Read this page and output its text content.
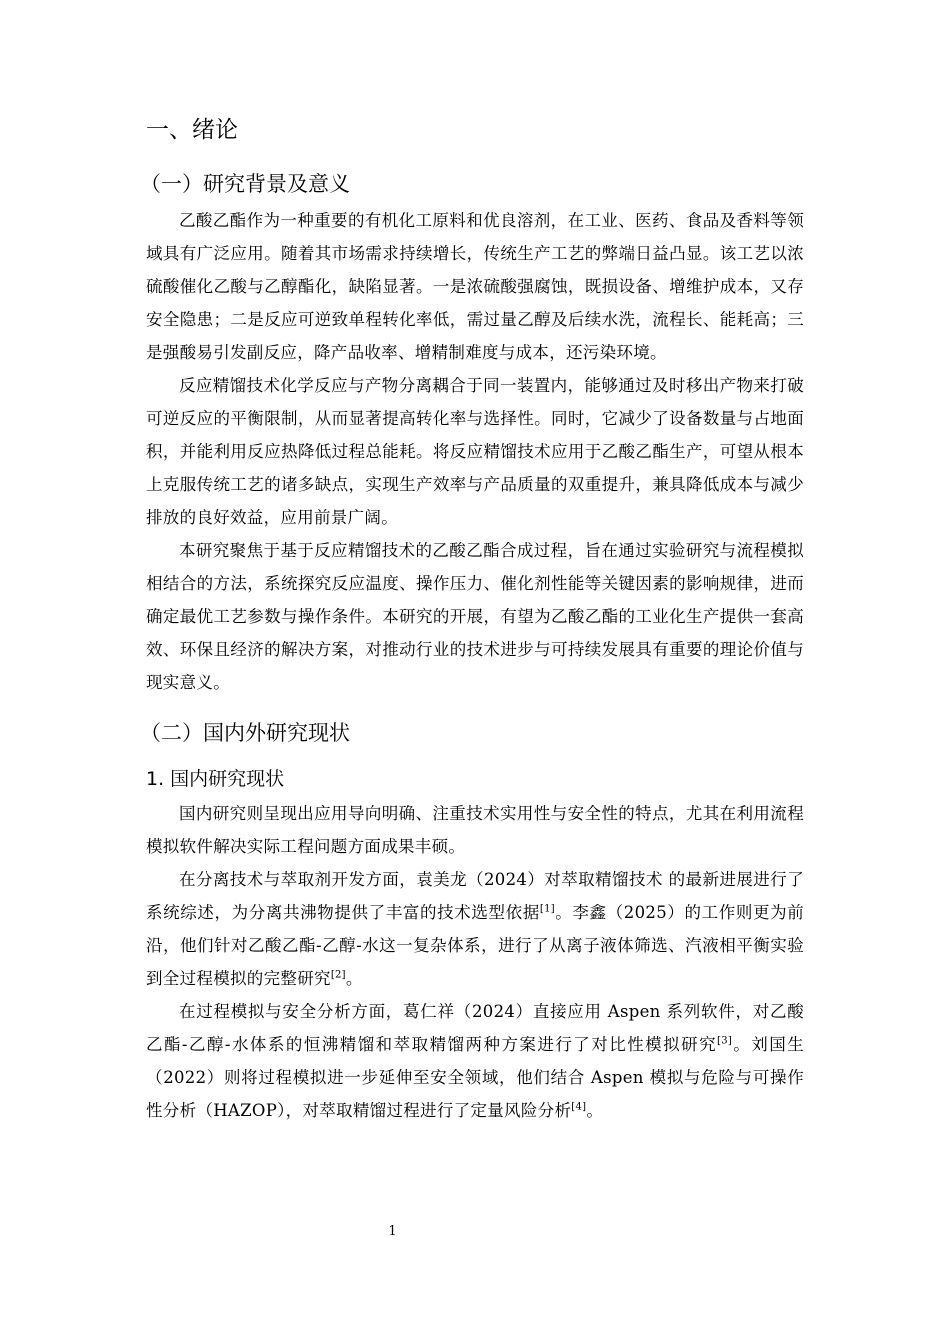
一、绪论
（一）研究背景及意义

乙酸乙酯作为一种重要的有机化工原料和优良溶剂，在工业、医药、食品及香料等领域具有广泛应用。随着其市场需求持续增长，传统生产工艺的弊端日益凸显。该工艺以浓硫酸催化乙酸与乙醇酯化，缺陷显著。一是浓硫酸强腐蚀，既损设备、增维护成本，又存安全隐患；二是反应可逆致单程转化率低，需过量乙醇及后续水洗，流程长、能耗高；三是强酸易引发副反应，降产品收率、增精制难度与成本，还污染环境。

反应精馏技术化学反应与产物分离耦合于同一装置内，能够通过及时移出产物来打破可逆反应的平衡限制，从而显著提高转化率与选择性。同时，它减少了设备数量与占地面积，并能利用反应热降低过程总能耗。将反应精馏技术应用于乙酸乙酯生产，可望从根本上克服传统工艺的诸多缺点，实现生产效率与产品质量的双重提升，兼具降低成本与减少排放的良好效益，应用前景广阔。

本研究聚焦于基于反应精馏技术的乙酸乙酯合成过程，旨在通过实验研究与流程模拟相结合的方法，系统探究反应温度、操作压力、催化剂性能等关键因素的影响规律，进而确定最优工艺参数与操作条件。本研究的开展，有望为乙酸乙酯的工业化生产提供一套高效、环保且经济的解决方案，对推动行业的技术进步与可持续发展具有重要的理论价值与现实意义。

（二）国内外研究现状
1. 国内研究现状

国内研究则呈现出应用导向明确、注重技术实用性与安全性的特点，尤其在利用流程模拟软件解决实际工程问题方面成果丰硕。

在分离技术与萃取剂开发方面，袁美龙（2024）对萃取精馏技术 的最新进展进行了系统综述，为分离共沸物提供了丰富的技术选型依据[1]。李鑫（2025）的工作则更为前沿，他们针对乙酸乙酯-乙醇-水这一复杂体系，进行了从离子液体筛选、汽液相平衡实验到全过程模拟的完整研究[2]。

在过程模拟与安全分析方面，葛仁祥（2024）直接应用 Aspen 系列软件，对乙酸乙酯-乙醇-水体系的恒沸精馏和萃取精馏两种方案进行了对比性模拟研究[3]。刘国生（2022）则将过程模拟进一步延伸至安全领域，他们结合 Aspen 模拟与危险与可操作性分析（HAZOP），对萃取精馏过程进行了定量风险分析[4]。

1
